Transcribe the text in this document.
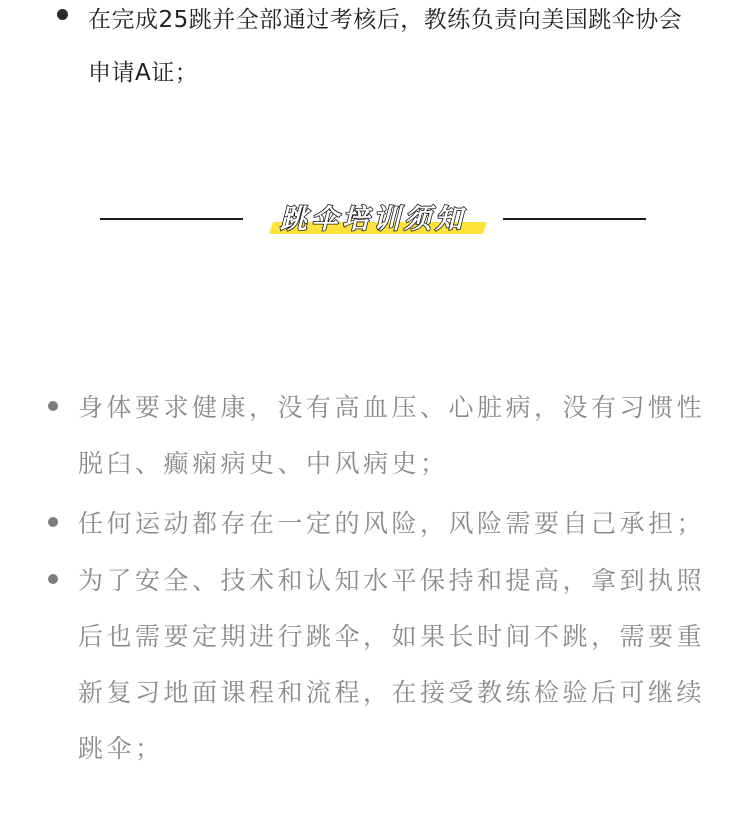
在完成25跳并全部通过考核后，教练负责向美国跳伞协会
申请A证；
跳伞培训须知
身体要求健康，没有高血压、心脏病，没有习惯性
脱臼、癫痫病史、中风病史；
任何运动都存在一定的风险，风险需要自己承担；
为了安全、技术和认知水平保持和提高，拿到执照
后也需要定期进行跳伞，如果长时间不跳，需要重
新复习地面课程和流程，在接受教练检验后可继续
跳伞；
